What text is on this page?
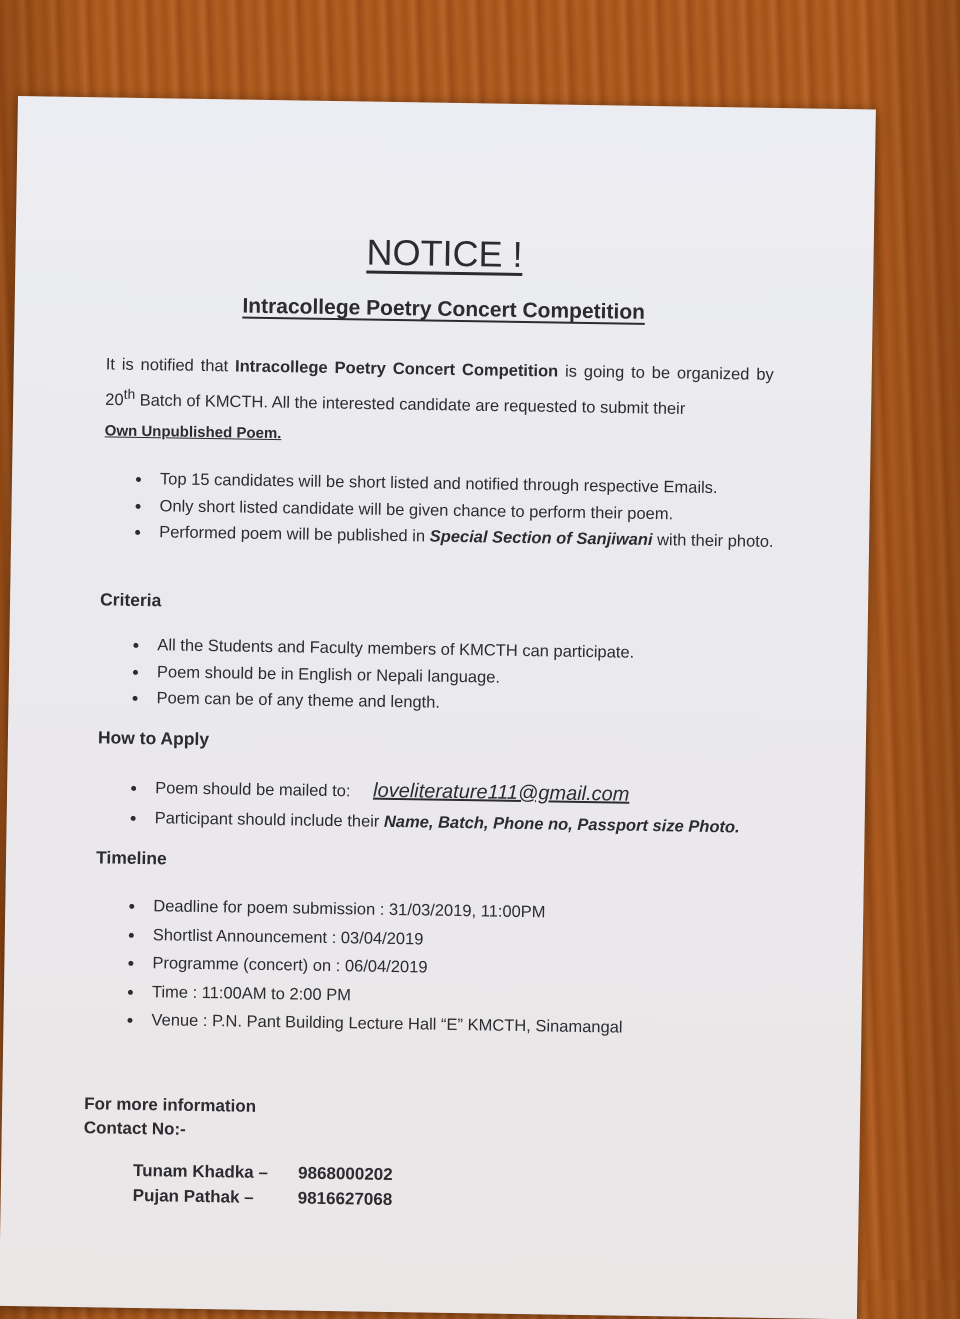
NOTICE !
Intracollege Poetry Concert Competition
It is notified that Intracollege Poetry Concert Competition is going to be organized by 20th Batch of KMCTH. All the interested candidate are requested to submit their
Own Unpublished Poem.
• Top 15 candidates will be short listed and notified through respective Emails.
• Only short listed candidate will be given chance to perform their poem.
• Performed poem will be published in Special Section of Sanjiwani with their photo.
Criteria
• All the Students and Faculty members of KMCTH can participate.
• Poem should be in English or Nepali language.
• Poem can be of any theme and length.
How to Apply
• Poem should be mailed to: loveliterature111@gmail.com
• Participant should include their Name, Batch, Phone no, Passport size Photo.
Timeline
• Deadline for poem submission : 31/03/2019, 11:00PM
• Shortlist Announcement : 03/04/2019
• Programme (concert) on : 06/04/2019
• Time : 11:00AM to 2:00 PM
• Venue : P.N. Pant Building Lecture Hall “E” KMCTH, Sinamangal
For more information
Contact No:-
Tunam Khadka – 9868000202
Pujan Pathak –	9816627068
